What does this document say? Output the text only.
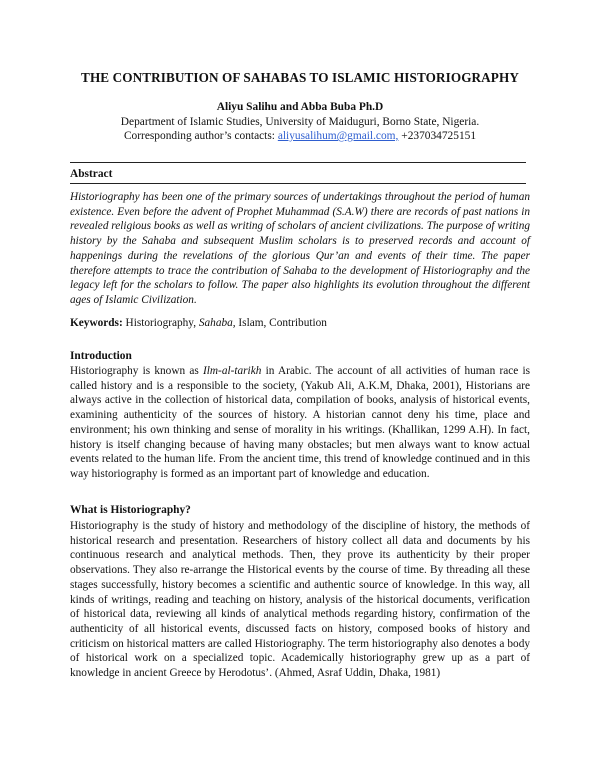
THE CONTRIBUTION OF SAHABAS TO ISLAMIC HISTORIOGRAPHY
Aliyu Salihu and Abba Buba Ph.D
Department of Islamic Studies, University of Maiduguri, Borno State, Nigeria.
Corresponding author’s contacts: aliyusalihum@gmail.com, +237034725151
Abstract
Historiography has been one of the primary sources of undertakings throughout the period of human existence. Even before the advent of Prophet Muhammad (S.A.W) there are records of past nations in revealed religious books as well as writing of scholars of ancient civilizations. The purpose of writing history by the Sahaba and subsequent Muslim scholars is to preserved records and account of happenings during the revelations of the glorious Qur’an and events of their time. The paper therefore attempts to trace the contribution of Sahaba to the development of Historiography and the legacy left for the scholars to follow. The paper also highlights its evolution throughout the different ages of Islamic Civilization.
Keywords: Historiography, Sahaba, Islam, Contribution
Introduction
Historiography is known as Ilm-al-tarikh in Arabic. The account of all activities of human race is called history and is a responsible to the society, (Yakub Ali, A.K.M, Dhaka, 2001), Historians are always active in the collection of historical data, compilation of books, analysis of historical events, examining authenticity of the sources of history. A historian cannot deny his time, place and environment; his own thinking and sense of morality in his writings. (Khallikan, 1299 A.H). In fact, history is itself changing because of having many obstacles; but men always want to know actual events related to the human life. From the ancient time, this trend of knowledge continued and in this way historiography is formed as an important part of knowledge and education.
What is Historiography?
Historiography is the study of history and methodology of the discipline of history, the methods of historical research and presentation. Researchers of history collect all data and documents by his continuous research and analytical methods. Then, they prove its authenticity by their proper observations. They also re-arrange the Historical events by the course of time. By threading all these stages successfully, history becomes a scientific and authentic source of knowledge. In this way, all kinds of writings, reading and teaching on history, analysis of the historical documents, verification of historical data, reviewing all kinds of analytical methods regarding history, confirmation of the authenticity of all historical events, discussed facts on history, composed books of history and criticism on historical matters are called Historiography. The term historiography also denotes a body of historical work on a specialized topic. Academically historiography grew up as a part of knowledge in ancient Greece by Herodotus’. (Ahmed, Asraf Uddin, Dhaka, 1981)
